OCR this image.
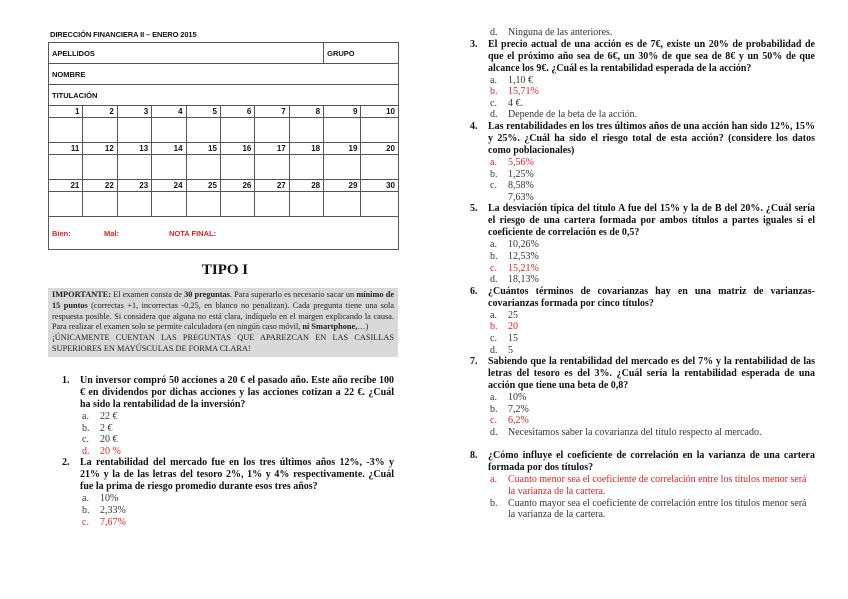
DIRECCIÓN FINANCIERA II – ENERO 2015
APELLIDOS								GRUPO	
NOMBRE									
TITULACIÓN									
1	2	3	4	5	6	7	8	9	10

11	12	13	14	15	16	17	18	19	20

21	22	23	24	25	26	27	28	29	30

Bien: Mal: NOTA FINAL:									
TIPO I
IMPORTANTE: El examen consta de 30 preguntas. Para superarlo es necesario sacar un mínimo de 15 puntos (correctas +1, incorrectas -0,25, en blanco no penalizan). Cada pregunta tiene una sola respuesta posible. Si considera que alguna no está clara, indíquelo en el margen explicando la causa. Para realizar el examen solo se permite calculadora (en ningún caso móvil, ni Smartphone,…)
¡ÚNICAMENTE CUENTAN LAS PREGUNTAS QUE APAREZCAN EN LAS CASILLAS SUPERIORES EN MAYÚSCULAS DE FORMA CLARA!
1. Un inversor compró 50 acciones a 20 € el pasado año. Este año recibe 100 € en dividendos por dichas acciones y las acciones cotizan a 22 €. ¿Cuál ha sido la rentabilidad de la inversión?
a. 22 €
b. 2 €
c. 20 €
d. 20 %
2. La rentabilidad del mercado fue en los tres últimos años 12%, -3% y 21% y la de las letras del tesoro 2%, 1% y 4% respectivamente. ¿Cuál fue la prima de riesgo promedio durante esos tres años?
a. 10%
b. 2,33%
c. 7,67%
d. Ninguna de las anteriores.
3. El precio actual de una acción es de 7€, existe un 20% de probabilidad de que el próximo año sea de 6€, un 30% de que sea de 8€ y un 50% de que alcance los 9€. ¿Cuál es la rentabilidad esperada de la acción?
a. 1,10 €
b. 15,71%
c. 4 €.
d. Depende de la beta de la acción.
4. Las rentabilidades en los tres últimos años de una acción han sido 12%, 15% y 25%. ¿Cuál ha sido el riesgo total de esta acción? (considere los datos como poblacionales)
a. 5,56%
b. 1,25%
c. 8,58%
7,63%
5. La desviación típica del título A fue del 15% y la de B del 20%. ¿Cuál sería el riesgo de una cartera formada por ambos títulos a partes iguales si el coeficiente de correlación es de 0,5?
a. 10,26%
b. 12,53%
c. 15,21%
d. 18,13%
6. ¿Cuántos términos de covarianzas hay en una matriz de varianzas-covarianzas formada por cinco títulos?
a. 25
b. 20
c. 15
d. 5
7. Sabiendo que la rentabilidad del mercado es del 7% y la rentabilidad de las letras del tesoro es del 3%. ¿Cuál sería la rentabilidad esperada de una acción que tiene una beta de 0,8?
a. 10%
b. 7,2%
c. 6,2%
d. Necesitamos saber la covarianza del título respecto al mercado.
8. ¿Cómo influye el coeficiente de correlación en la varianza de una cartera formada por dos títulos?
a. Cuanto menor sea el coeficiente de correlación entre los títulos menor será la varianza de la cartera.
b. Cuanto mayor sea el coeficiente de correlación entre los títulos menor será la varianza de la cartera.
